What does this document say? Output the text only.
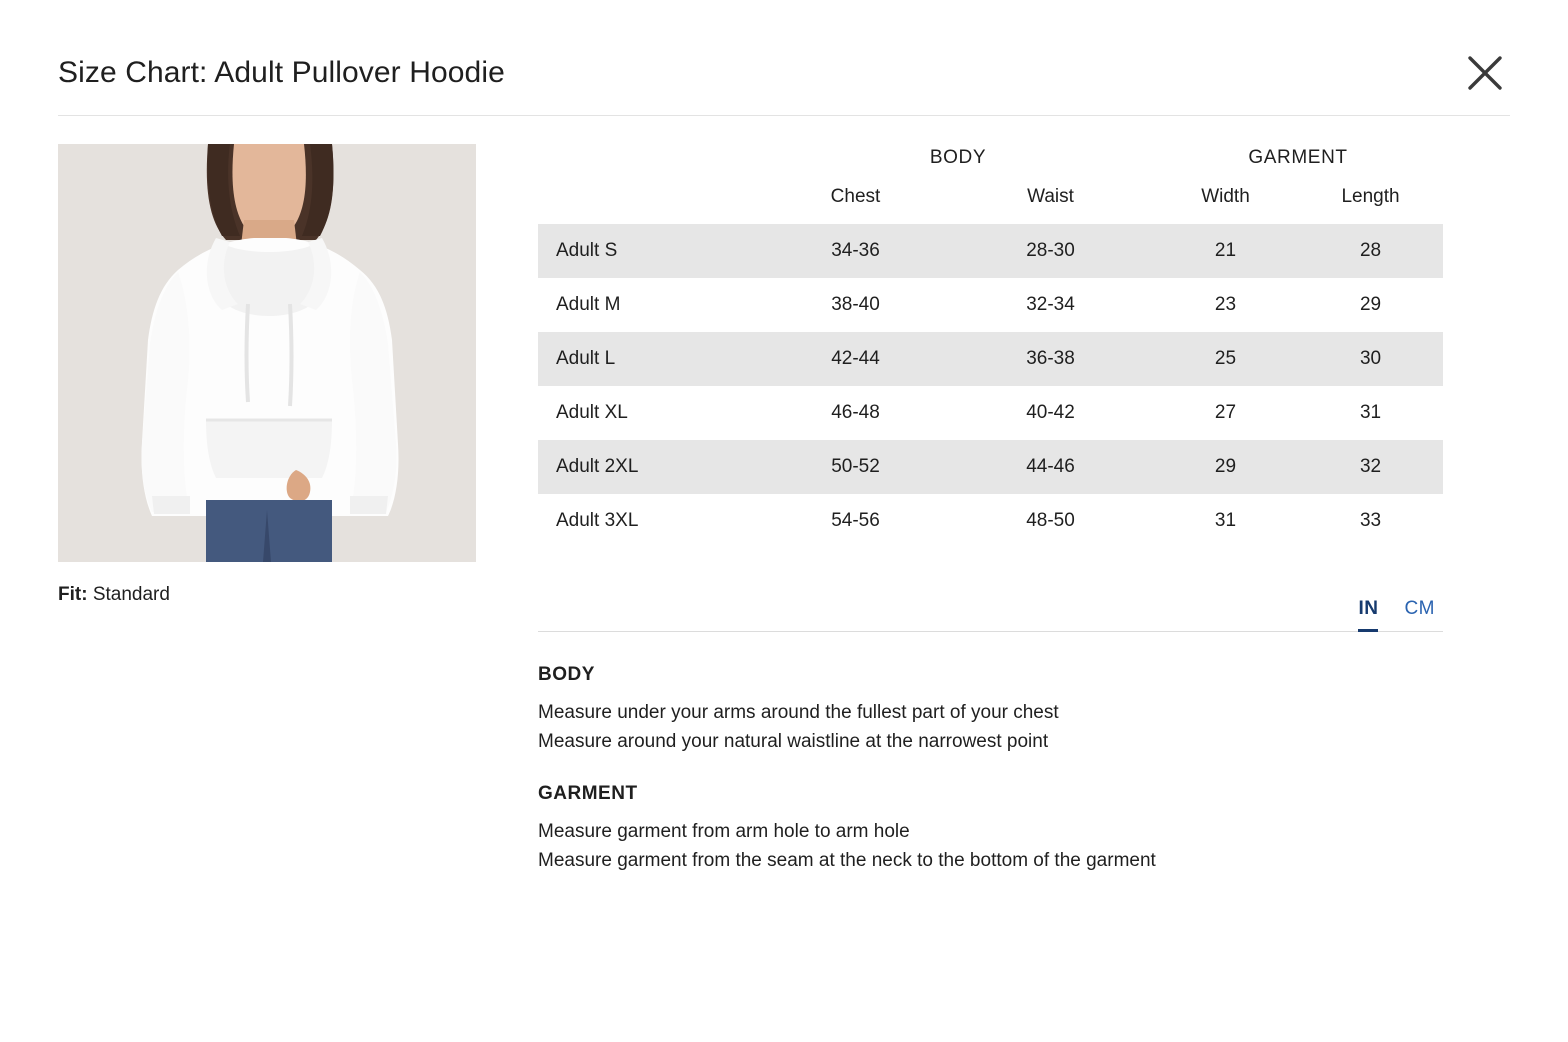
Size Chart: Adult Pullover Hoodie
Fit: Standard
	BODY		GARMENT	
	Chest	Waist	Width	Length
Adult S	34-36	28-30	21	28
Adult M	38-40	32-34	23	29
Adult L	42-44	36-38	25	30
Adult XL	46-48	40-42	27	31
Adult 2XL	50-52	44-46	29	32
Adult 3XL	54-56	48-50	31	33
IN CM
BODY
Measure under your arms around the fullest part of your chest
Measure around your natural waistline at the narrowest point
GARMENT
Measure garment from arm hole to arm hole
Measure garment from the seam at the neck to the bottom of the garment
